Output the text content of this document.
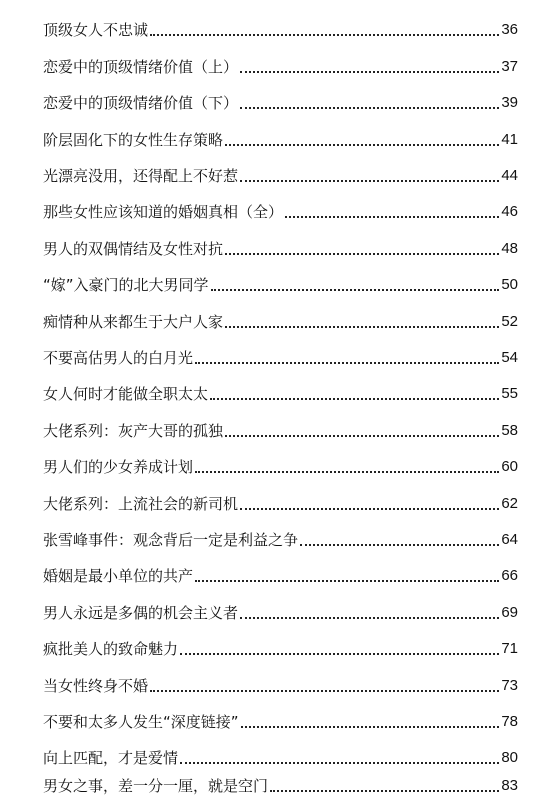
顶级女人不忠诚	36
恋爱中的顶级情绪价值（上）	37
恋爱中的顶级情绪价值（下）	39
阶层固化下的女性生存策略	41
光漂亮没用，还得配上不好惹	44
那些女性应该知道的婚姻真相（全）	46
男人的双偶情结及女性对抗	48
“嫁”入豪门的北大男同学	50
痴情种从来都生于大户人家	52
不要高估男人的白月光	54
女人何时才能做全职太太	55
大佬系列：灰产大哥的孤独	58
男人们的少女养成计划	60
大佬系列：上流社会的新司机	62
张雪峰事件：观念背后一定是利益之争	64
婚姻是最小单位的共产	66
男人永远是多偶的机会主义者	69
疯批美人的致命魅力	71
当女性终身不婚	73
不要和太多人发生“深度链接”	78
向上匹配，才是爱情	80
男女之事，差一分一厘，就是空门	83
